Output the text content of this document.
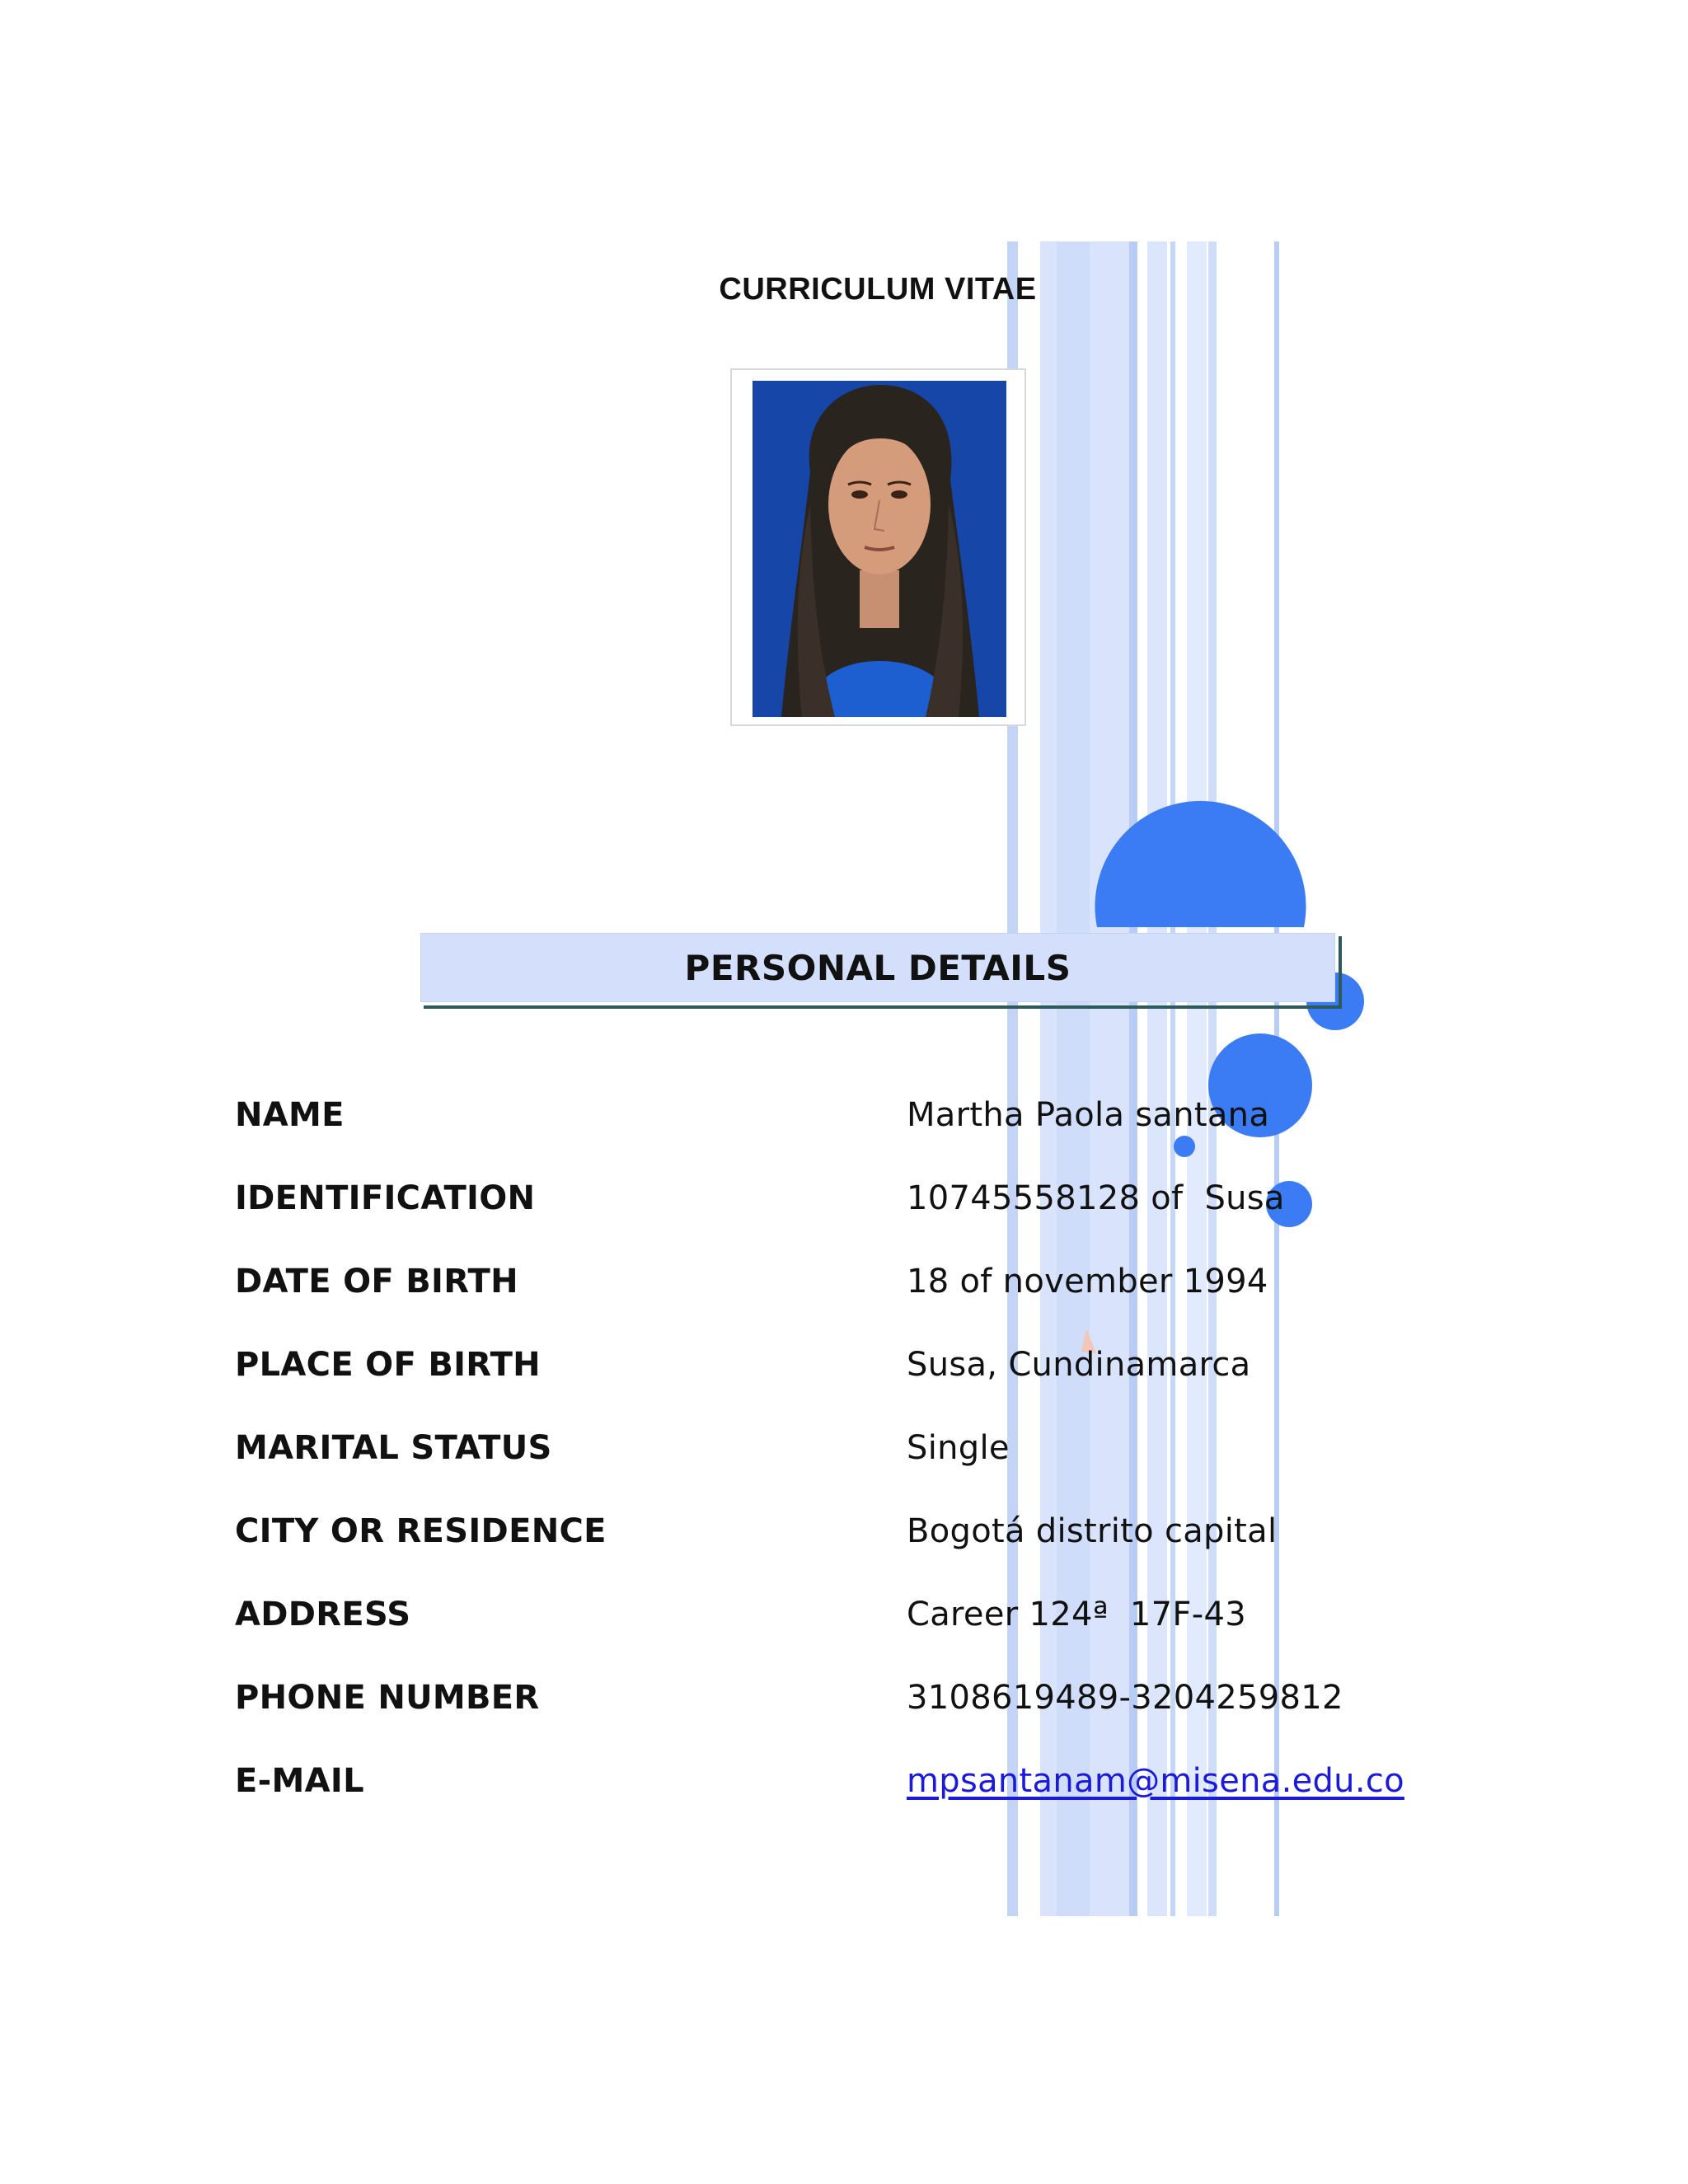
CURRICULUM VITAE
PERSONAL DETAILS
NAME	Martha Paola santana
IDENTIFICATION	10745558128 of  Susa
DATE OF BIRTH	18 of november 1994
PLACE OF BIRTH	Susa, Cundinamarca
MARITAL STATUS	Single
CITY OR RESIDENCE	Bogotá distrito capital
ADDRESS	Career 124ª  17F-43
PHONE NUMBER	3108619489-3204259812
E-MAIL	mpsantanam@misena.edu.co
